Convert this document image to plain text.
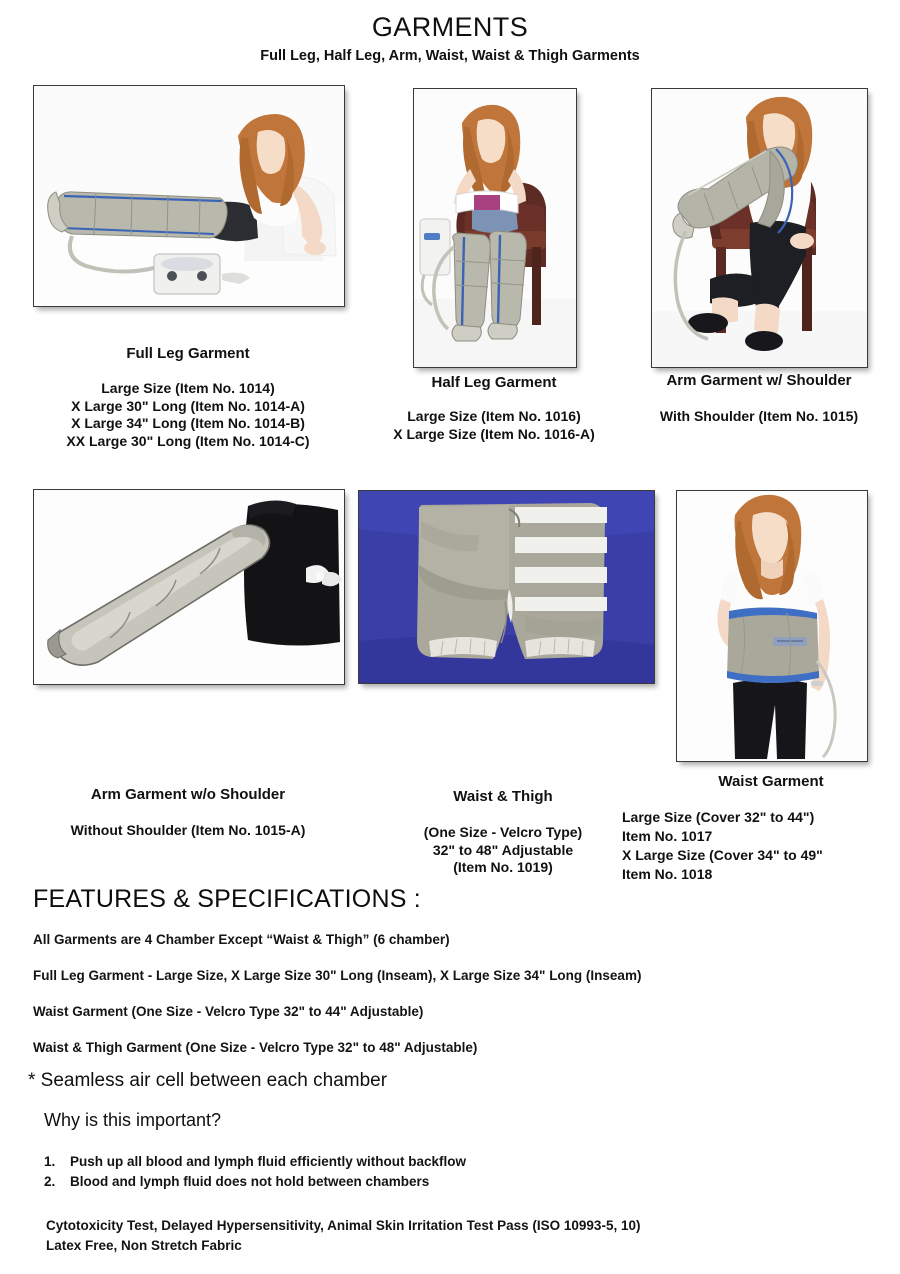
GARMENTS
Full Leg, Half Leg, Arm, Waist, Waist & Thigh Garments
Full Leg Garment
Large Size (Item No. 1014)
X Large 30" Long (Item No. 1014-A)
X Large 34" Long (Item No. 1014-B)
XX Large 30" Long (Item No. 1014-C)
Half Leg Garment
Large Size (Item No. 1016)
X Large Size (Item No. 1016-A)
Arm Garment w/ Shoulder
With Shoulder (Item No. 1015)
Arm Garment w/o Shoulder
Without Shoulder (Item No. 1015-A)
Waist & Thigh
(One Size - Velcro Type)
32" to 48" Adjustable
(Item No. 1019)
Waist Garment
Large Size (Cover 32" to 44")
Item No. 1017
X Large Size (Cover 34" to 49"
Item No. 1018
FEATURES & SPECIFICATIONS :
All Garments are 4 Chamber Except “Waist & Thigh” (6 chamber)
Full Leg Garment - Large Size, X Large Size 30" Long (Inseam), X Large Size 34" Long (Inseam)
Waist Garment (One Size - Velcro Type 32" to 44" Adjustable)
Waist & Thigh Garment (One Size - Velcro Type 32" to 48" Adjustable)
* Seamless air cell between each chamber
Why is this important?
1. Push up all blood and lymph fluid efficiently without backflow
2. Blood and lymph fluid does not hold between chambers
Cytotoxicity Test, Delayed Hypersensitivity, Animal Skin Irritation Test Pass (ISO 10993-5, 10)
Latex Free, Non Stretch Fabric
